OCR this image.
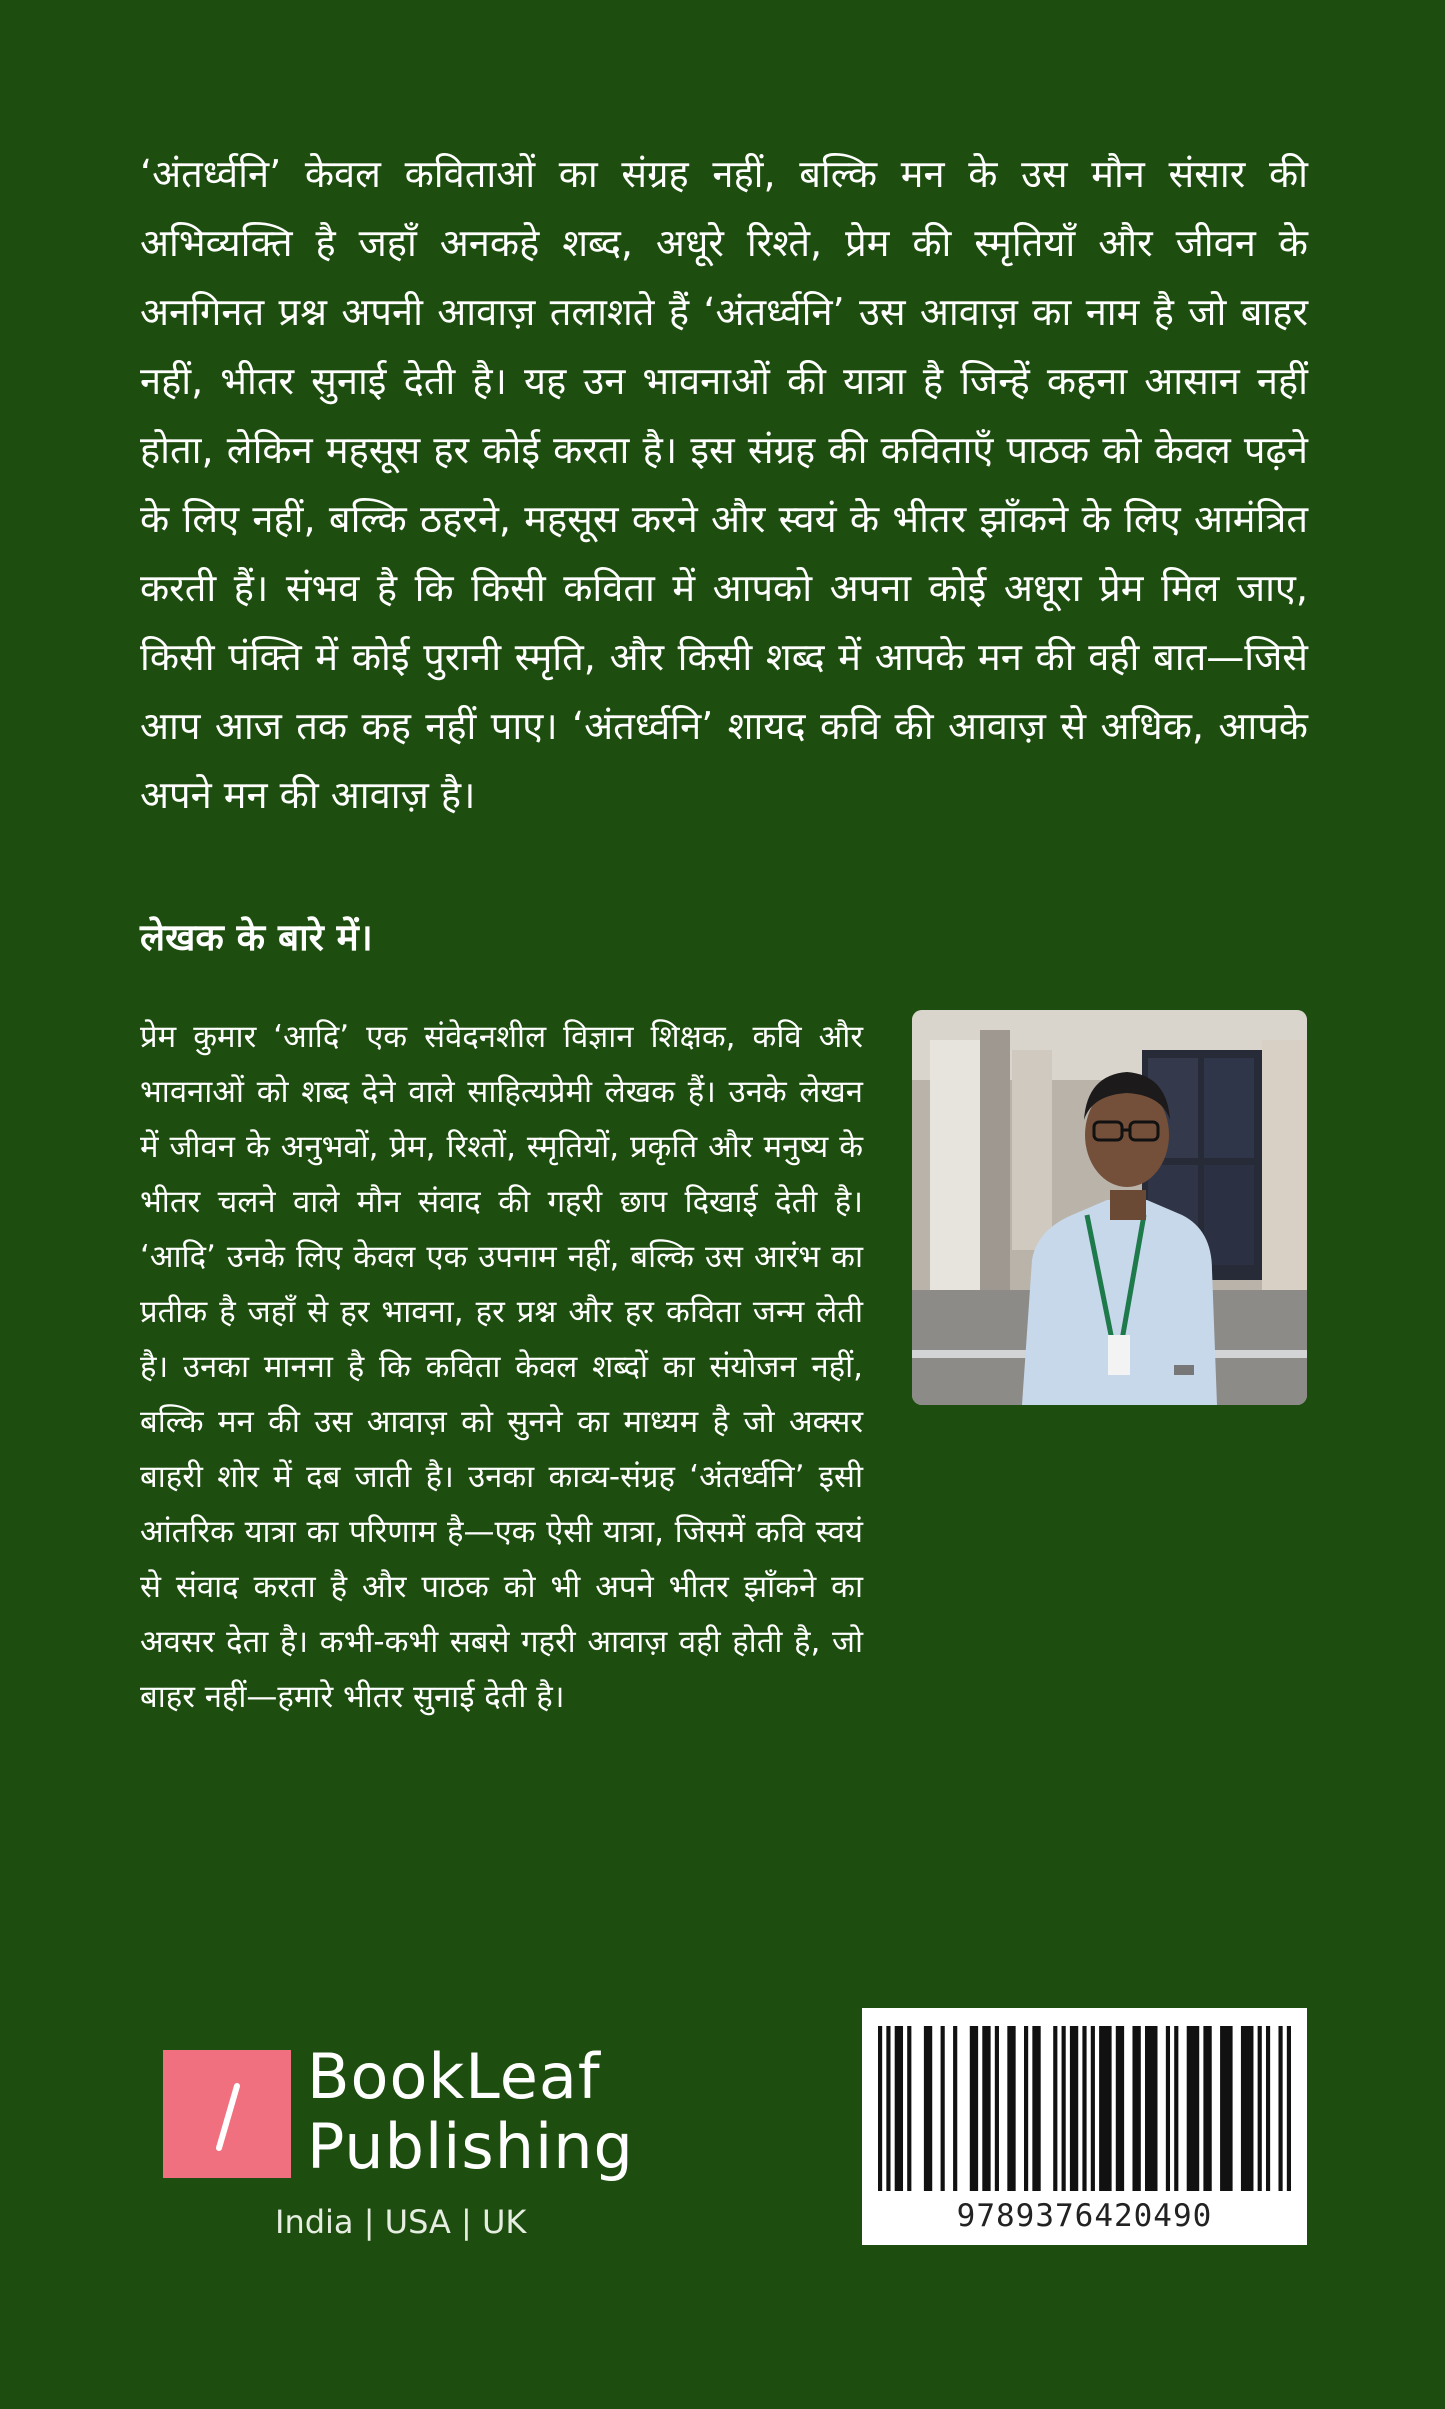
‘अंतर्ध्वनि’ केवल कविताओं का संग्रह नहीं, बल्कि मन के उस मौन संसार की अभिव्यक्ति है जहाँ अनकहे शब्द, अधूरे रिश्ते, प्रेम की स्मृतियाँ और जीवन के अनगिनत प्रश्न अपनी आवाज़ तलाशते हैं ‘अंतर्ध्वनि’ उस आवाज़ का नाम है जो बाहर नहीं, भीतर सुनाई देती है। यह उन भावनाओं की यात्रा है जिन्हें कहना आसान नहीं होता, लेकिन महसूस हर कोई करता है। इस संग्रह की कविताएँ पाठक को केवल पढ़ने के लिए नहीं, बल्कि ठहरने, महसूस करने और स्वयं के भीतर झाँकने के लिए आमंत्रित करती हैं। संभव है कि किसी कविता में आपको अपना कोई अधूरा प्रेम मिल जाए, किसी पंक्ति में कोई पुरानी स्मृति, और किसी शब्द में आपके मन की वही बात—जिसे आप आज तक कह नहीं पाए। ‘अंतर्ध्वनि’ शायद कवि की आवाज़ से अधिक, आपके अपने मन की आवाज़ है।

लेखक के बारे में।

प्रेम कुमार ‘आदि’ एक संवेदनशील विज्ञान शिक्षक, कवि और भावनाओं को शब्द देने वाले साहित्यप्रेमी लेखक हैं। उनके लेखन में जीवन के अनुभवों, प्रेम, रिश्तों, स्मृतियों, प्रकृति और मनुष्य के भीतर चलने वाले मौन संवाद की गहरी छाप दिखाई देती है। ‘आदि’ उनके लिए केवल एक उपनाम नहीं, बल्कि उस आरंभ का प्रतीक है जहाँ से हर भावना, हर प्रश्न और हर कविता जन्म लेती है। उनका मानना है कि कविता केवल शब्दों का संयोजन नहीं, बल्कि मन की उस आवाज़ को सुनने का माध्यम है जो अक्सर बाहरी शोर में दब जाती है। उनका काव्य-संग्रह ‘अंतर्ध्वनि’ इसी आंतरिक यात्रा का परिणाम है—एक ऐसी यात्रा, जिसमें कवि स्वयं से संवाद करता है और पाठक को भी अपने भीतर झाँकने का अवसर देता है। कभी-कभी सबसे गहरी आवाज़ वही होती है, जो बाहर नहीं—हमारे भीतर सुनाई देती है।

BookLeaf
Publishing

India | USA | UK	9789376420490
